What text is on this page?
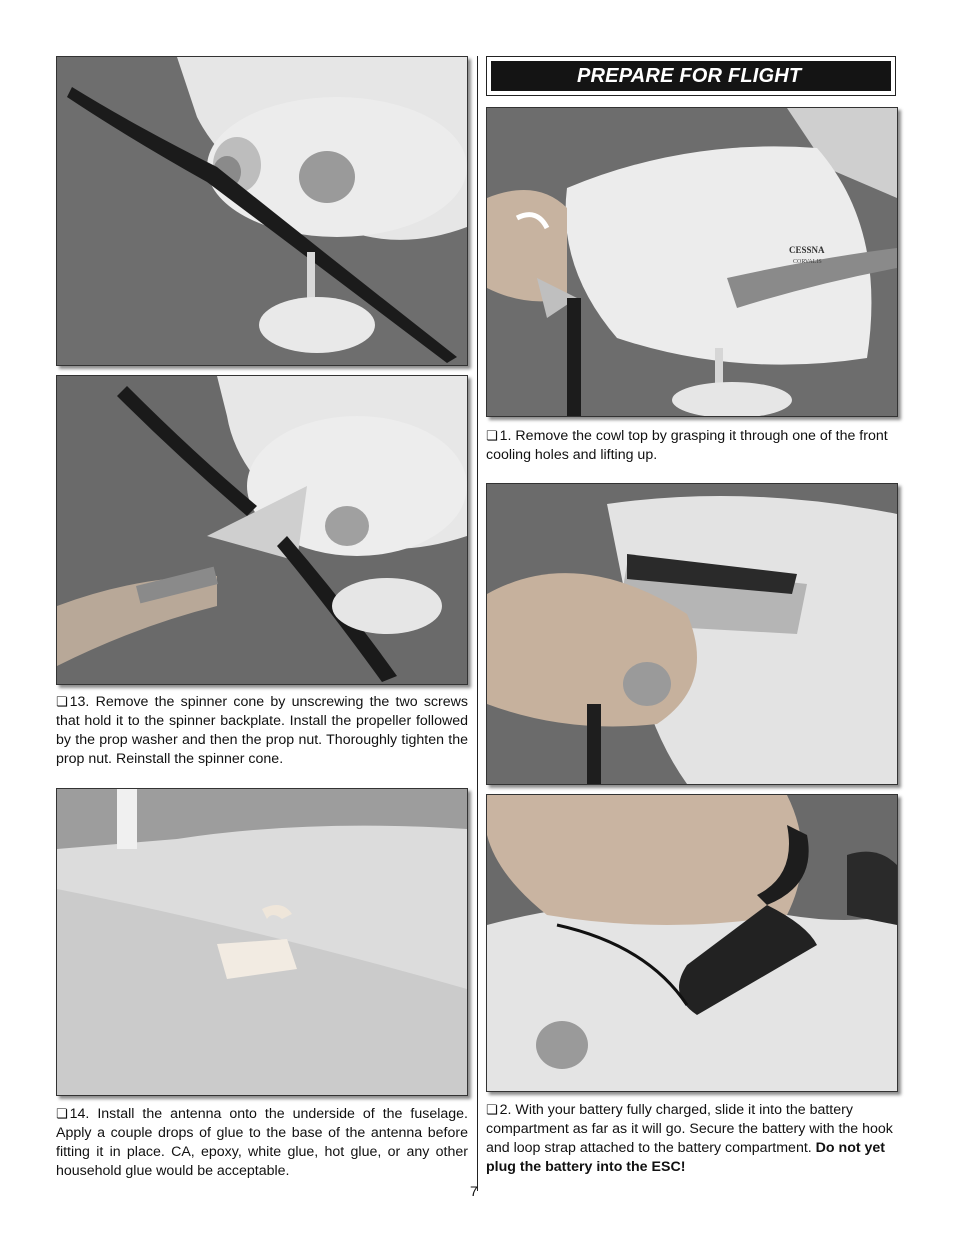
❏ 13. Remove the spinner cone by unscrewing the two screws that hold it to the spinner backplate. Install the propeller followed by the prop washer and then the prop nut. Thoroughly tighten the prop nut. Reinstall the spinner cone.
❏ 14. Install the antenna onto the underside of the fuselage. Apply a couple drops of glue to the base of the antenna before fitting it in place. CA, epoxy, white glue, hot glue, or any other household glue would be acceptable.
PREPARE FOR FLIGHT
CESSNA
CORVALIS
❏ 1. Remove the cowl top by grasping it through one of the front cooling holes and lifting up.
❏ 2. With your battery fully charged, slide it into the battery compartment as far as it will go. Secure the battery with the hook and loop strap attached to the battery compartment. Do not yet plug the battery into the ESC!
7
